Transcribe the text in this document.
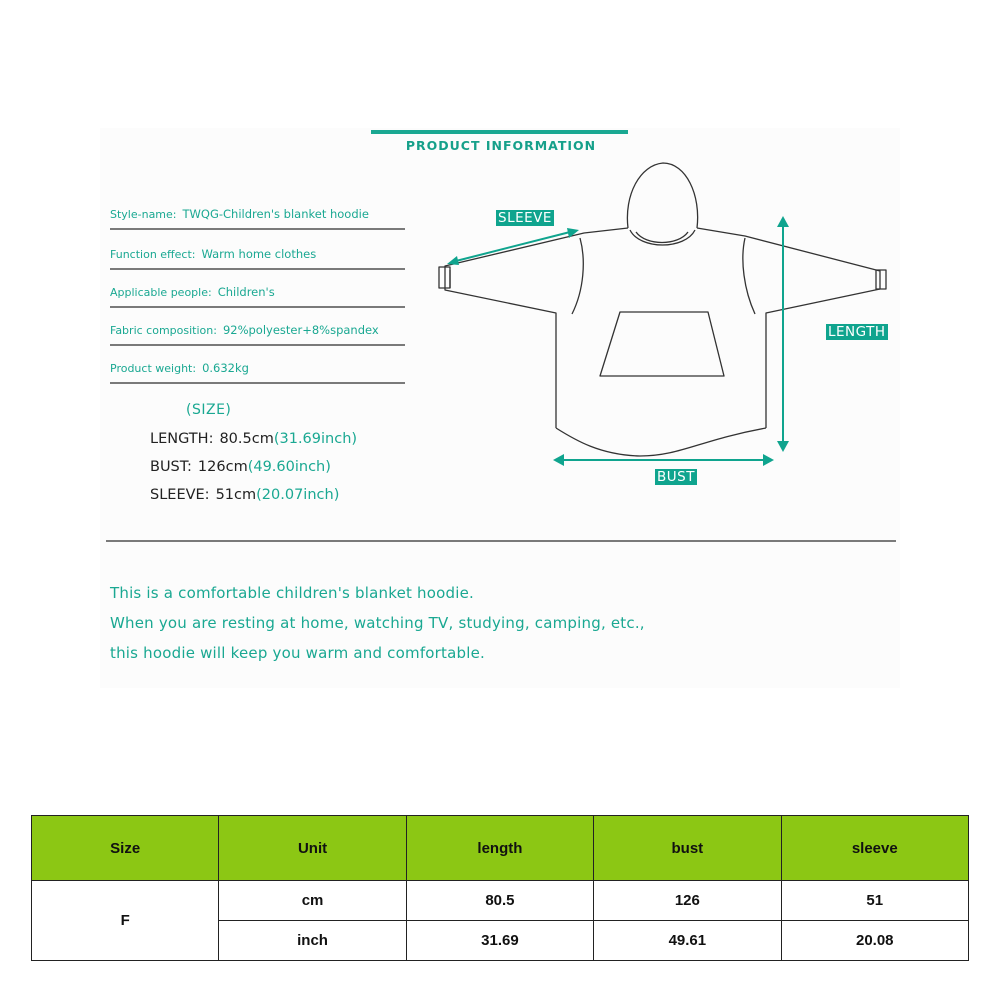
PRODUCT INFORMATION
Style-name: TWQG-Children's blanket hoodie
Function effect: Warm home clothes
Applicable people: Children's
Fabric composition: 92%polyester+8%spandex
Product weight: 0.632kg
(SIZE)
LENGTH: 80.5cm(31.69inch)
BUST: 126cm(49.60inch)
SLEEVE: 51cm(20.07inch)
SLEEVE
LENGTH
BUST
This is a comfortable children's blanket hoodie.
When you are resting at home, watching TV, studying, camping, etc.,
this hoodie will keep you warm and comfortable.
Size	Unit	length	bust	sleeve
F	cm	80.5	126	51
	inch	31.69	49.61	20.08
